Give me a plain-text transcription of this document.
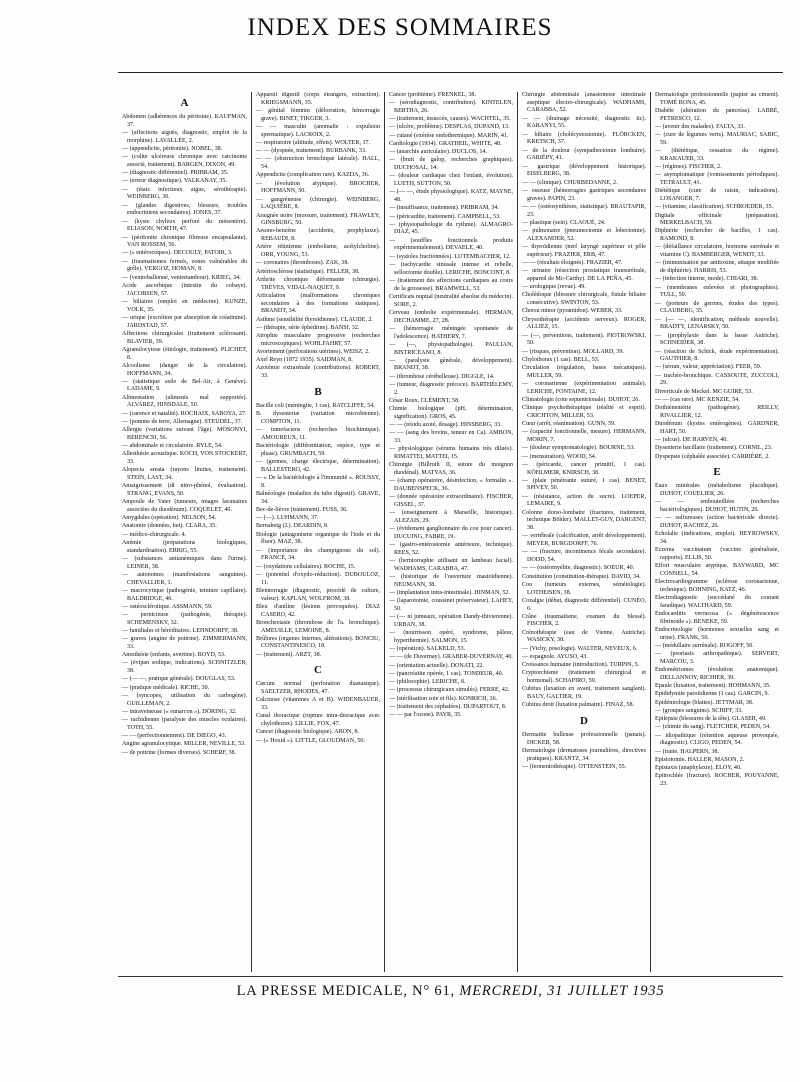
INDEX DES SOMMAIRES
A
Abdomen (adhérences du péritoine). KAUFMAN, 37.
— (affections aiguës, diagnostic, emploi de la morphine). LAVALLÉE, 2.
— (appendicite, péritonite). NOBEL, 38.
— (colite ulcéreuse chronique avec carcinome associé, traitement). BARGEN, DIXON, 49.
— (diagnostic différentiel). PRIBRAM, 35.
— (erreur diagnostique). VALKANAY, 35.
— (états infectieux aigus, sérothérapie). WEINBERG, 30.
— (glandes digestives, blessure, troubles endocriniens secondaires). JONES, 37.
— (kyste chyleux perforé du mésentère). ELIASON, NORTH, 47.
— (péritonite chronique fibreuse encapsulante). VAN ROSSEM, 56.
— (« entérocoques). DECOULY, PATOIR, 3.
— (traumatismes fermés, zones vulnérables du grêle). VERGOZ, HOMAN, 8.
— (ventreballonné, ventretambour). KRIEG, 34.
Acide ascorbique (intestin du cobaye). JACOBSEN, 57.
— biliaires (emploi en médecine). KUNZE, VOLK, 35.
— urique (excrétion par absorption de créatinine). JARDSTAD, 57.
Affections chirurgicales (traitement sclérosant). BLAVIER, 39.
Agranulocytose (étiologie, traitement). PLICHET, 8.
Alcoolisme (danger de la circulation). HOFFMANN, 34.
— (statistique asile de Bel-Air, à Genève). LADAME, 9.
Alimentation (aliments mal supportés). ALVAREZ, HINSDALE, 50.
— (carence et natalité). ROCHAIX, SABOYA, 27.
— (pomme de terre, Allemagne). STEUDEL, 37.
Allergie (variations suivant l'âge). MOSONYI, BERENCSI, 56.
— abdominale et circulatoire. RYLE, 54.
Allesthésie acoustique. KOCH, VON STOCKERT, 33.
Alopecia areata (rayons limites, traitement). STEIN, LAST, 34.
Amaigrissement (di nitro-phénol, évaluation). STRANG, EVANS, 50.
Ampoule de Vater (tumeurs, images lacunaires associées du duodénum). COQUELET, 40.
Amygdales (opération). NELSON, 54.
Anatomie (données, but). CLARA, 35.
— médico-chirurgicale. 4.
Anémie (préparations biologiques, standardisation). ERRIG, 55.
— (substances antianémiques dans l'urine). LEINER, 38.
— autonomes (manifestations sanguines). CHEVALLIER, 1.
— macrocytique (pathogénie, teinture capillaire). BALDRIDGE, 46.
— ostéosclérotique. ASSMANN, 59.
— pernicieuse (pathogénie, thérapie). SCHEMENSKY, 32.
— familiales et héréditaires. LEHNDORFF, 38.
— graves (angine de poitrine). ZIMMERMANN, 33.
Anesthésie (enfants, avertine). BOYD, 53.
— (évipan sodique, indications). SCHNITZLER, 38.
— (— —, pratique générale). DOUGLAS, 53.
— (pratique médicale). RICHE, 30.
— (syncopes, utilisation du carbogène). GUILLEMAN, 2.
— intraveineuse (« eunarcon »). DÖRING, 32.
— rachidienne (paralysie des muscles oculaires). TOTH, 55.
— — (perfectionnement). DE DIEGO, 43.
Angine agranulocytique. MILLER, NEVILLE, 53.
— de poitrine (formes diverses). SCHERF, 38.
Appareil digestif (corps étrangers, extraction). KRIEGSMANN, 35.
— génital féminin (délorration, hémorragie grave). BINET, TIKGER, 3.
— — masculin (anomalie : expulsion spermatique). LACROIX, 2.
— respiratoire (altitude, effets). WOLTER, 17.
— — (dyspnée, traitement). BURBANK, 33.
— — (obstruction bronchique latérale). HALL, 54.
Appendicite (complication rare). KAZDA, 36.
— (évolution atypique). BROCHER, HOFFMANN, 50.
— gangréneuse (chirurgie). WEINBERG, LAQUIÈRE, 8.
Araignée noire (morsure, traitement). FRAWLEY, GINSBURG, 50.
Arsono-benzène (accidents, prophylaxie). REBAUDI, 8.
Artère rétinienne (embolisme, acétylcholine). ORR, YOUNG, 53.
— coronaires (thromboses). ZAK, 38.
Artériosclérose (statistique). FELLER, 38.
Arthrite chronique déformante (chirurgie). TRÈVES, VIDAL-NAQUET, 9.
Articulation (malformations chroniques secondaires à des formations statiques). BRANDT, 34.
Asthme (sensibilité thyroïdienne). CLAUDE, 2.
— (thérapie, série éphédrine). BANSI, 32.
Atrophie musculaire progressive (recherches microscopiques). WOHLFAHRT, 57.
Avortement (perforations utérines). WEISZ, 2.
Axel Reyn (1872 1935). SAIDMAN, 8.
Azotémie extrarénale (contributions). ROBERT, 33.
B
Bacille coli (méningite, 1 cas). RATCLIFFE, 54.
B. dysenteriæ (variation microbienne). COMPTON, 11.
— tumefaciens (recherches biochimique). AMOUREUX, 11.
Bactériologie (différentiation, espèce, type et phase). GRUMBACH, 59.
— (germes, charge électrique, détermination). BALLESTERO, 42.
— « De la bactériologie à l'immunité ». ROUSSY, 8.
Balnéologie (maladies du tube digestif). GRAVE, 34.
Bec-de-lièvre (traitement). FUSS, 36.
— (—). LUHMANN, 37.
Bernaheig (J.). DEARDIN, 8.
Biologie (antagonisme organique de l'iode et du fluor). MAZ, 38.
— (importance des champignons du sol). FRANCÉ, 34.
— (oxydations cellulaires). ROCHE, 15.
— (potentiel d'oxydo-réduction). DUBOULOZ, 11.
Blennorragie (diagnostic, procédé de culture, valeur). KAPLAN, WOLFROM, 38.
Bleu d'aniline (lésions provoquées). DIAZ CASERO, 42.
Bronchectasie (thrombose de l'a. bronchique). AMEUILLE, LEMOINE, 8.
Brûlures (organes internes, altérations). BONCIU, CONSTANTINESCO, 18.
— (traitement). ARZT, 38.
C
Cæcum normal (perforation diastasique). SAELTZER, RHODES, 47.
Calcinose (vitamines A et B). WIDENBAUER, 33.
Canal thoracique (rupture intra-thoracique avec chylothorax). LILLIE, FOX, 47.
Cancer (diagnostic biologique). ARON, 8.
— (« Hoxid »). LITTLE, GLOUDMAN, 50.
Cancer (problème). FRENKEL, 38.
— (sérodiagnostic, contribution). KINTELEN, BERTHA, 26.
— (traitement, insuccès, causes). WACHTEL, 35.
— (ulcère, problème). DESPLAS, DUPAND, 13.
— cutané (exérèse endothermique). MARIN, 41.
Cardiologie (1934). GRATHEIL, WHITE, 48.
— (anarchie auriculaire). DUCLOS, 14.
— (bruit de galop, recherches graphiques). DUCHOSAL, 14.
— (douleur cardiaque chez l'enfant, évolution). LUETH, SUTTON, 50.
— (— —, étude physiologique). KATZ, MAYNE, 48.
— (insuffisance, traitement). PRIBRAM, 34.
— (péricardite, traitement). CAMPBELL, 53.
— (physiopathologie du rythme). ALMAGRO-DIAZ, 45.
— (souffles fonctionnels produits expérimentalement). DEVAELE, 40.
— (systoles fractionnées). LUTEMBACHER, 12.
— (tachycardie sinusale intense et rebelle, selloctomie double). LERICHE, BONCONT, 8.
— (traitement des affections cardiaques au cours de la grossesse). BRAMWELL, 53.
Certificats nuptial (neutralité absolue du médecin). SORE, 2.
Cerveau (embolie expérimentale). HERMAN, DECHAMME, 27, 28.
— (hémorragie méningée spontanée de l'adolescence). HATHERY, 7.
— (—, physiopathologie). PAULIAN, BISTRICEANO, 8.
— (paralysie générale, développement). BRANDT, 38.
— (thrombose cérébelleuse). DIGGLE, 14.
— (tumeur, diagnostic précoce). BARTHÉLEMY, 2.
César Roux. CLÉMENT, 58.
Chimie biologique (pH, détermination, signification). GROS, 45.
— — (résidu azoté, dosage). HINSBERG, 33.
— — (sang des bovins, teneur en Ca). AMBON, 33.
— physiologique (sérums humains très dilués). RIMATTEI, MATTEI, 15.
Chirurgie (Billroth II, suture du moignon duodénal). MATYAS, 36.
— (champ opératoire, désinfection, « formalin ». DAUBENSPECK, 36.
— (donnée opératoire extraordinaire). FISCHER, GISSEL, 37.
— (enseignement à Marseille, historique). ALEZAIS, 29.
— (évidement ganglionnaire du cou pour cancer). DUCUING, FABRE, 19.
— (gastro-entérostomie antérieure, technique). REES, 52.
— (herniorraphie utilisant un lambeau facial). WADHAMS, CARABBA, 47.
— (historique de l'ouverture mastoïdienne). NEUMANN, 38.
— (implantation intra-intestinale). HINMAN, 52.
— (laparotomie, coussinet préservateur). LAHEY, 50.
— (— ni jumeaux, opération Dandy-thivierenne). URBAN, 38.
— (nourrisson opéré, syndrome, pâleur, hyperthermie). SALMON, 15.
— (opération). SALKELD, 53.
— — (de Duvernay). GRABER-DUVERNAY, 40.
— (orientation actuelle). DONATI, 22.
— (pancréatite opérée, 1 cas). TONDEUR, 40.
— (philosophie). LERICHE, 8.
— (processus chirurgicaux simulés). FERRE, 42.
— (stérilisation soie et fils). KONRICH, 36.
— (traitement des céphalées). DUPARTOUT, 8.
— — par l'ozone). PAYR, 35.
Chirurgie abdominale (anastomose intestinale aseptique électro-chirurgicale). WADHAMS, CARABBA, 52.
— — (drainage nécessité, diagnostic tic). KARANYI, 55.
— biliaire (cholécystostomie). FLÖRCKEN, KRETSCH, 37.
— de la douleur (sympathectomie lombaire). GARIÉPY, 41.
— gastrique (développement historique). EISELBERG, 38.
— — (clinique). CHURBEDANNE, 2.
— osseuse (hémorragies gastriques secondaires graves). PAPIN, 23.
— — (ostéosynthèses, statistique). BRAUTAPIR, 23.
— plastique (sein). CLAOUÉ, 24.
— pulmonaire (pneumectomie et lobectomie). ALEXANDER, 52.
— thyroïdienne (nerf laryngé supérieur et pôle supérieur). FRAZIER, ERB, 47.
— — (résultats éloignés). FRAZIER, 47.
— urinaire (résection prostatique transurétrale, appareil de Mc-Carthy). DE LA PEÑA, 45.
— urologique (revue). 49.
Cholédoque (blessure chirurgicale, fistule biliaire consécutive). SWINTON, 53.
Chorea minor (pyramidon). WEBER, 33.
Chrysothérapie (accidents nerveux). ROGER, ALLIEZ, 15.
— (—, préventions, traitement). PIOTROWSKI, 50.
— (risques, prévention). MOLLARD, 39.
Chylothorax (1 cas). BELL, 53.
Circulation (régulation, bases mécaniques). MULLER, 59.
— coronarienne (expérimentation animale). LERICHE, FONTAINE, 12.
Climatologie (cote septentrionale). DUHOT, 26.
Clinique psychothérapique (réalité et esprit). CRICHTON, MILLER, 53.
Cœur (arrêt, réanimation). GUNN, 59.
— (capacité fonctionnelle, mesure). HERMANN, MORIN, 7.
— (douleur symptomatologie). BOURNE, 53.
— (mensuration). WOOD, 54.
— (péricarde, cancer primitif, 1 cas). KÖHLMEIR, KNIRSCH, 38.
— (plaie pénétrante suturé, 1 cas). BENET, SPIVEY, 50.
— (résistance, action du sucre). LOEPER, LEMAIRE, 9.
Colonne dorso-lombaire (fractures, traitement, technique Böhler). MALLET-GUY, DARGENT, 38.
— vertébrale (calcification, arrêt développement). MEYER, BURGDORFF, 76.
— — (fracture, incontinence fécale secondaire). DODD, 54.
— — (ostéomyélite, diagnostic). SOEUR, 40.
Constitution (constitution-thérapie). DAVID, 34.
Cou (tumeurs externes, séméiologie). LOTHEISEN, 38.
Coxalgie (début, diagnostic différentiel). CUNÉO, 6.
Crâne (traumatisme, examen du blessé). FISCHER, 2.
Crénothérapie (eau de Vienne, Autriche). WASICKY, 38.
— (Vichy, posologie). WALTER, NEVEUX, 6.
— espagnole. AYUSO, 43.
Croissance humaine (introduction). TURPIN, 5.
Cryptorchisme (traitement chirurgical et hormonal). SCHAPIRO, 59.
Cubitus (luxation en avant, traitement sanglant). BAUY, GALTIER, 19.
Cubitus droit (luxation palmaire). FINAZ, 58.
D
Dermatite bulleuse professionnelle (panais). DICKER, 58.
Dermatologie (dermatoses journalières, directives pratiques). KRANTZ, 34.
— (fermentothérapie). OTTENSTEIN, 55.
Dermatologie professionnelle (papier au ciment). TOMÉ BONA, 45.
Diabète (altération du pancréas). LABBÉ, PETRESCO, 12.
— (avenir des malades). FALTA, 33.
— (cure de légumes verts). MAURIAC, SABIC, 59.
— (diététique, cessation du régime). KRAKAUER, 33.
— (régimes). FISCHER, 2.
— asymptomatique (vomissements périodiques). TETRAULT, 41.
Diététique (cure de raisin, indications). LOSANGER, 7.
— (vitamine, classification). SCHROEDER, 35.
Digitale officinale (préparation). MERKELBACH, 59.
Diphtérie (rechercher de bacilles, 1 cas). RAMOND, 8.
— (défaillance circulatoire, hormone surrénale et vitamine C). BAMBERGER, WENDT, 33.
— (immunisation par antitoxine, attaque modifiée de diphtérie). HARRIS, 53.
— (infection interne, mode). CHIARI, 38.
— (membranes enlevées et photographies). TULL, 50.
— (porteurs de germes, études des types). CLAUBERG, 35.
— (— —, identification, méthode nouvelle). BRADTY, LENARSKY, 50.
— (prophylaxie dans la basse Autriche). SCHNEIDER, 38.
— (réaction de Schick, étude expérimentation). GAUTHIER, 8.
— (sérum, valeur, appréciation). FEER, 59.
— trachéo-bronchique. CASSOUTE, ZUCCOLI, 29.
Diverticule de Meckel. MC GUIRE, 53.
— — (cas rare). MC KENZIE, 54.
Dothiénentérie (pathogénie). REILLY, RIVALLIER, 12.
Duodénum (kystes entérogènes). GARDNER, HART, 50.
— (ulcus). DE HARVEN, 40.
Dysenterie bacillaire (traitement). CORNIL, 23.
Dyspepsie (céphalée associée). CARRIÈRE, 2.
E
Eaux minérales (métabolisme plucidique). DUHOT, COUELIER, 26.
— — embouteillées (recherches bactériologiques). DUHOT, HUTIN, 26.
— — sulfureuses (action bactéricide directe). DUHOT, RACHEZ, 26.
Echolalie (indications, emploi). HEYROWSKY, 34.
Eczema vaccinatum (vaccine généralisée, rapports). ELLIS, 50.
Effort musculaire atypique. BAYWARD, MC CONNELL, 54.
Electrocardiogramme (sclérose coronarienne, technique). BOHNING, KATZ, 46.
Electrodiagnostic (succédané du courant faradique). WALTHARD, 59.
Endocarditis verrucosa (« dégénérescence fibrinoïde »). BENEKE, 59.
Endocrinologie (hormones sexuelles sang et urine). FRANK, 50.
— (médullaire surrénale). ROGOFF, 50.
— (psoriasis arthropathique). SERVERT, MARCOU, 3.
Endométriomes (évolution anatomique). DELLANNOY, RICHIER, 39.
Epaule (luxation, traitement). HOHMANN, 35.
Epididymite parotidienne (1 cas). GARCIN, 9.
Epidémiologie (blattes). JETTMAR, 38.
— (groupes sanguins). SCHIFF, 33.
Epilepsie (blessures de la tête). GLASER, 49.
— (chimie du sang). FLETCHER, PEDEN, 54.
— idiopathique (rétention aqueuse provoquée, diagnostic). CLIGO, PEDEN, 54.
— (traite. HALPERN, 38.
Episiotomie. HALLER, MASON, 2.
Epistaxis (anaphylaxie). ELOY, 40.
Epitrochlée (fracture). ROCHER, POUYANNE, 23.
LA PRESSE MEDICALE, N° 61, MERCREDI, 31 JUILLET 1935
